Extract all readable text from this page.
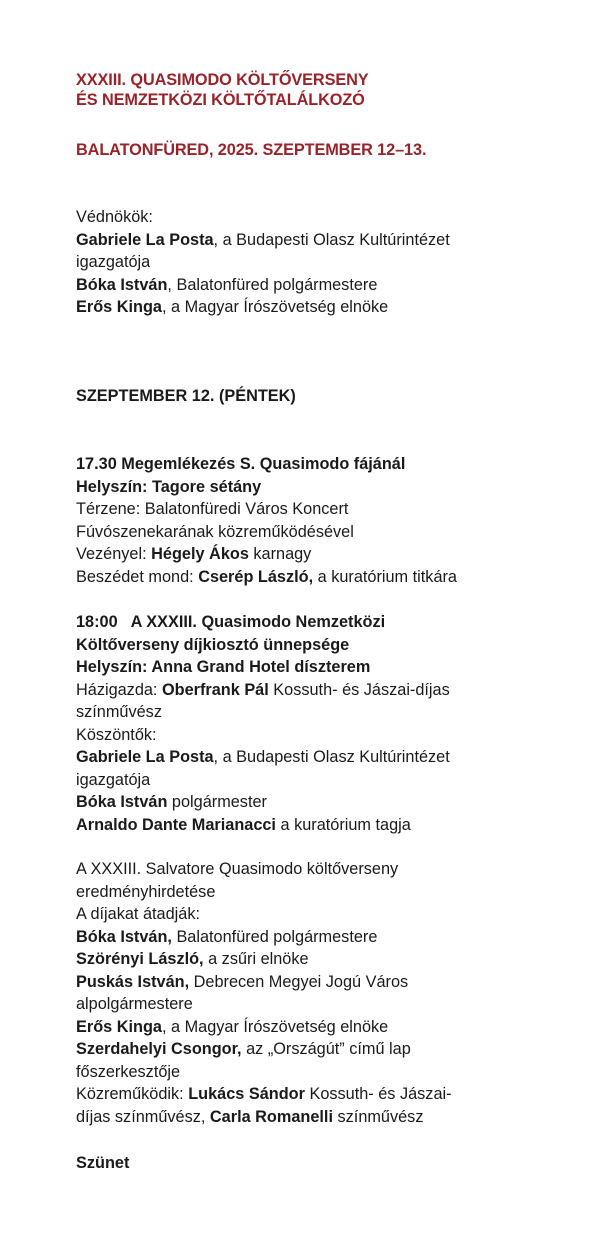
XXXIII. QUASIMODO KÖLTŐVERSENY
ÉS NEMZETKÖZI KÖLTŐTALÁLKOZÓ
BALATONFÜRED, 2025. SZEPTEMBER 12–13.
Védnökök:
Gabriele La Posta, a Budapesti Olasz Kultúrintézet
igazgatója
Bóka István, Balatonfüred polgármestere
Erős Kinga, a Magyar Írószövetség elnöke
SZEPTEMBER 12. (PÉNTEK)
17.30 Megemlékezés S. Quasimodo fájánál
Helyszín: Tagore sétány
Térzene: Balatonfüredi Város Koncert
Fúvószenekarának közreműködésével
Vezényel: Hégely Ákos karnagy
Beszédet mond: Cserép László, a kuratórium titkára
18:00   A XXXIII. Quasimodo Nemzetközi
Költőverseny díjkiosztó ünnepsége
Helyszín: Anna Grand Hotel díszterem
Házigazda: Oberfrank Pál Kossuth- és Jászai-díjas
színművész
Köszöntők:
Gabriele La Posta, a Budapesti Olasz Kultúrintézet
igazgatója
Bóka István polgármester
Arnaldo Dante Marianacci a kuratórium tagja
A XXXIII. Salvatore Quasimodo költőverseny
eredményhirdetése
A díjakat átadják:
Bóka István, Balatonfüred polgármestere
Szörényi László, a zsűri elnöke
Puskás István, Debrecen Megyei Jogú Város
alpolgármestere
Erős Kinga, a Magyar Írószövetség elnöke
Szerdahelyi Csongor, az „Országút” című lap
főszerkesztője
Közreműködik: Lukács Sándor Kossuth- és Jászai-
díjas színművész, Carla Romanelli színművész
Szünet
